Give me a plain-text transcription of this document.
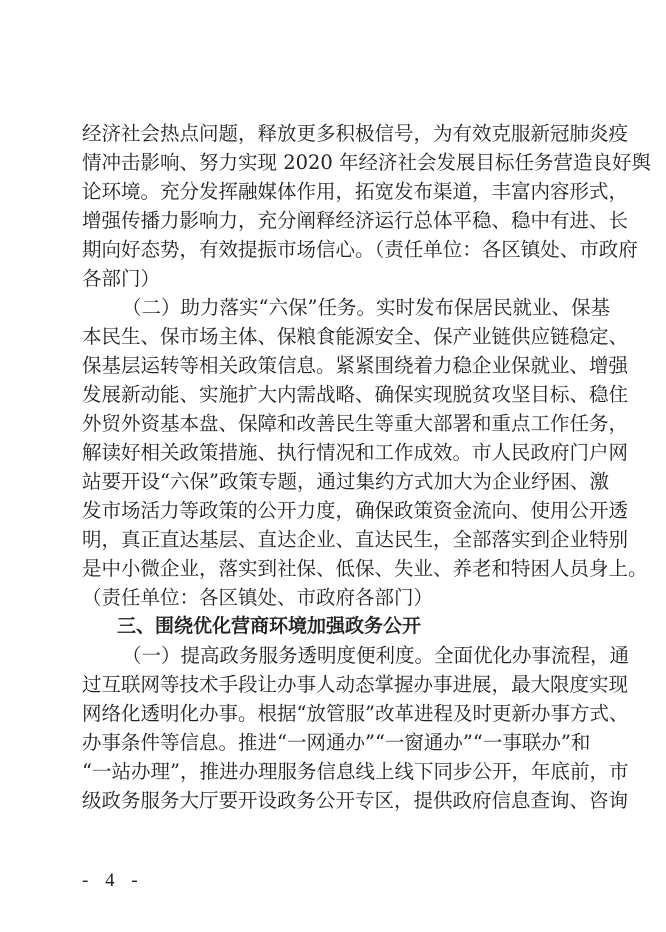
经济社会热点问题，释放更多积极信号，为有效克服新冠肺炎疫
情冲击影响、努力实现 2020 年经济社会发展目标任务营造良好舆
论环境。充分发挥融媒体作用，拓宽发布渠道，丰富内容形式，
增强传播力影响力，充分阐释经济运行总体平稳、稳中有进、长
期向好态势，有效提振市场信心。（责任单位：各区镇处、市政府
各部门）
（二）助力落实“六保”任务。实时发布保居民就业、保基
本民生、保市场主体、保粮食能源安全、保产业链供应链稳定、
保基层运转等相关政策信息。紧紧围绕着力稳企业保就业、增强
发展新动能、实施扩大内需战略、确保实现脱贫攻坚目标、稳住
外贸外资基本盘、保障和改善民生等重大部署和重点工作任务，
解读好相关政策措施、执行情况和工作成效。市人民政府门户网
站要开设“六保”政策专题，通过集约方式加大为企业纾困、激
发市场活力等政策的公开力度，确保政策资金流向、使用公开透
明，真正直达基层、直达企业、直达民生，全部落实到企业特别
是中小微企业，落实到社保、低保、失业、养老和特困人员身上。
（责任单位：各区镇处、市政府各部门）
三、围绕优化营商环境加强政务公开
（一）提高政务服务透明度便利度。全面优化办事流程，通
过互联网等技术手段让办事人动态掌握办事进展，最大限度实现
网络化透明化办事。根据“放管服”改革进程及时更新办事方式、
办事条件等信息。推进“一网通办”“一窗通办”“一事联办”和
“一站办理”，推进办理服务信息线上线下同步公开，年底前，市
级政务服务大厅要开设政务公开专区，提供政府信息查询、咨询
- 4 -
